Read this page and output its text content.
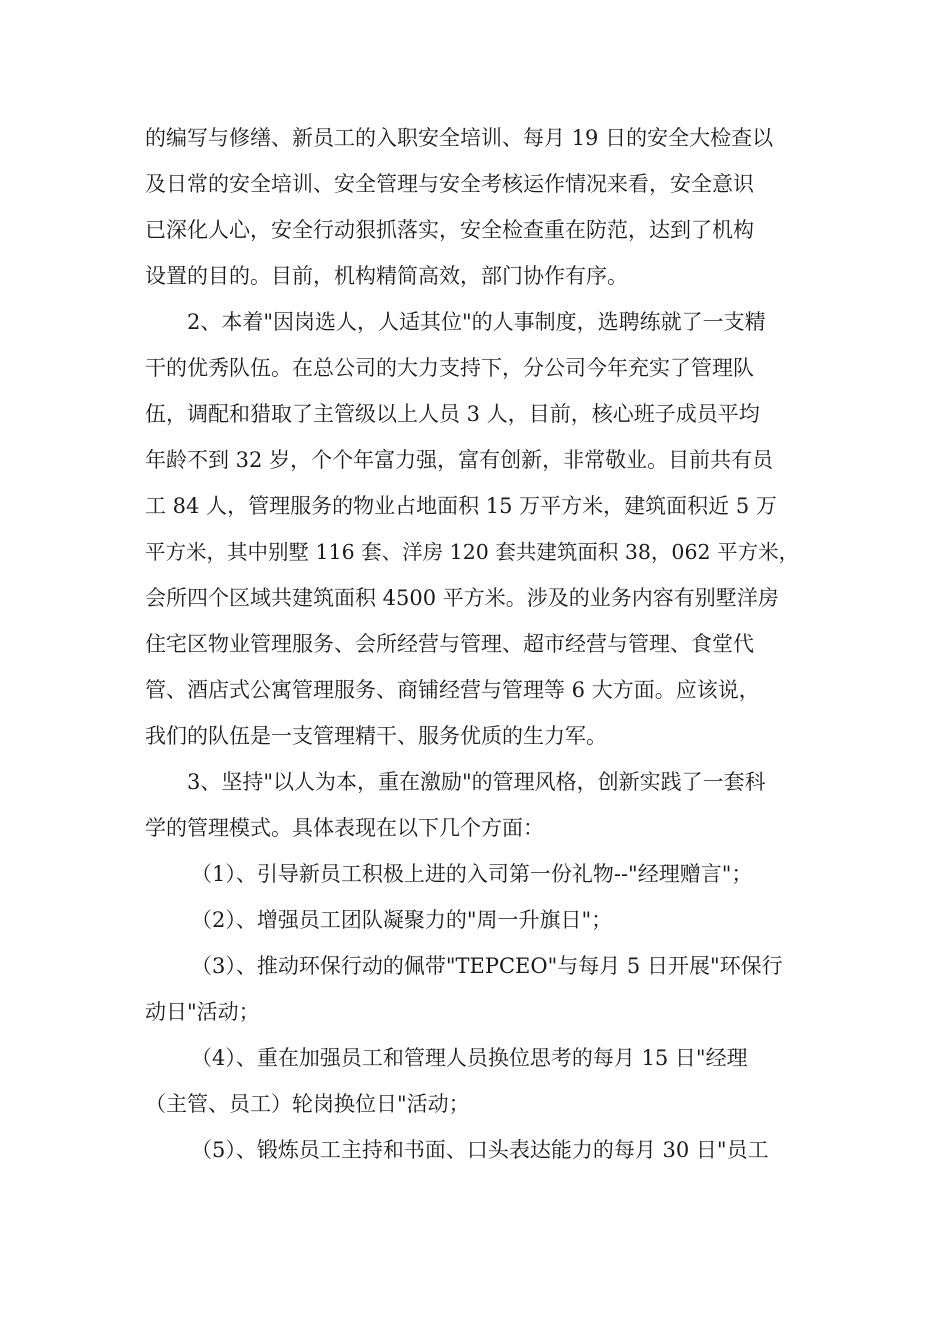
的编写与修缮、新员工的入职安全培训、每月 19 日的安全大检查以
及日常的安全培训、安全管理与安全考核运作情况来看，安全意识
已深化人心，安全行动狠抓落实，安全检查重在防范，达到了机构
设置的目的。目前，机构精简高效，部门协作有序。
2、本着"因岗选人，人适其位"的人事制度，选聘练就了一支精
干的优秀队伍。在总公司的大力支持下，分公司今年充实了管理队
伍，调配和猎取了主管级以上人员 3 人，目前，核心班子成员平均
年龄不到 32 岁，个个年富力强，富有创新，非常敬业。目前共有员
工 84 人，管理服务的物业占地面积 15 万平方米，建筑面积近 5 万
平方米，其中别墅 116 套、洋房 120 套共建筑面积 38，062 平方米，
会所四个区域共建筑面积 4500 平方米。涉及的业务内容有别墅洋房
住宅区物业管理服务、会所经营与管理、超市经营与管理、食堂代
管、酒店式公寓管理服务、商铺经营与管理等 6 大方面。应该说，
我们的队伍是一支管理精干、服务优质的生力军。
3、坚持"以人为本，重在激励"的管理风格，创新实践了一套科
学的管理模式。具体表现在以下几个方面：
（1）、引导新员工积极上进的入司第一份礼物--"经理赠言"；
（2）、增强员工团队凝聚力的"周一升旗日"；
（3）、推动环保行动的佩带"TEPCEO"与每月 5 日开展"环保行
动日"活动；
（4）、重在加强员工和管理人员换位思考的每月 15 日"经理
（主管、员工）轮岗换位日"活动；
（5）、锻炼员工主持和书面、口头表达能力的每月 30 日"员工
